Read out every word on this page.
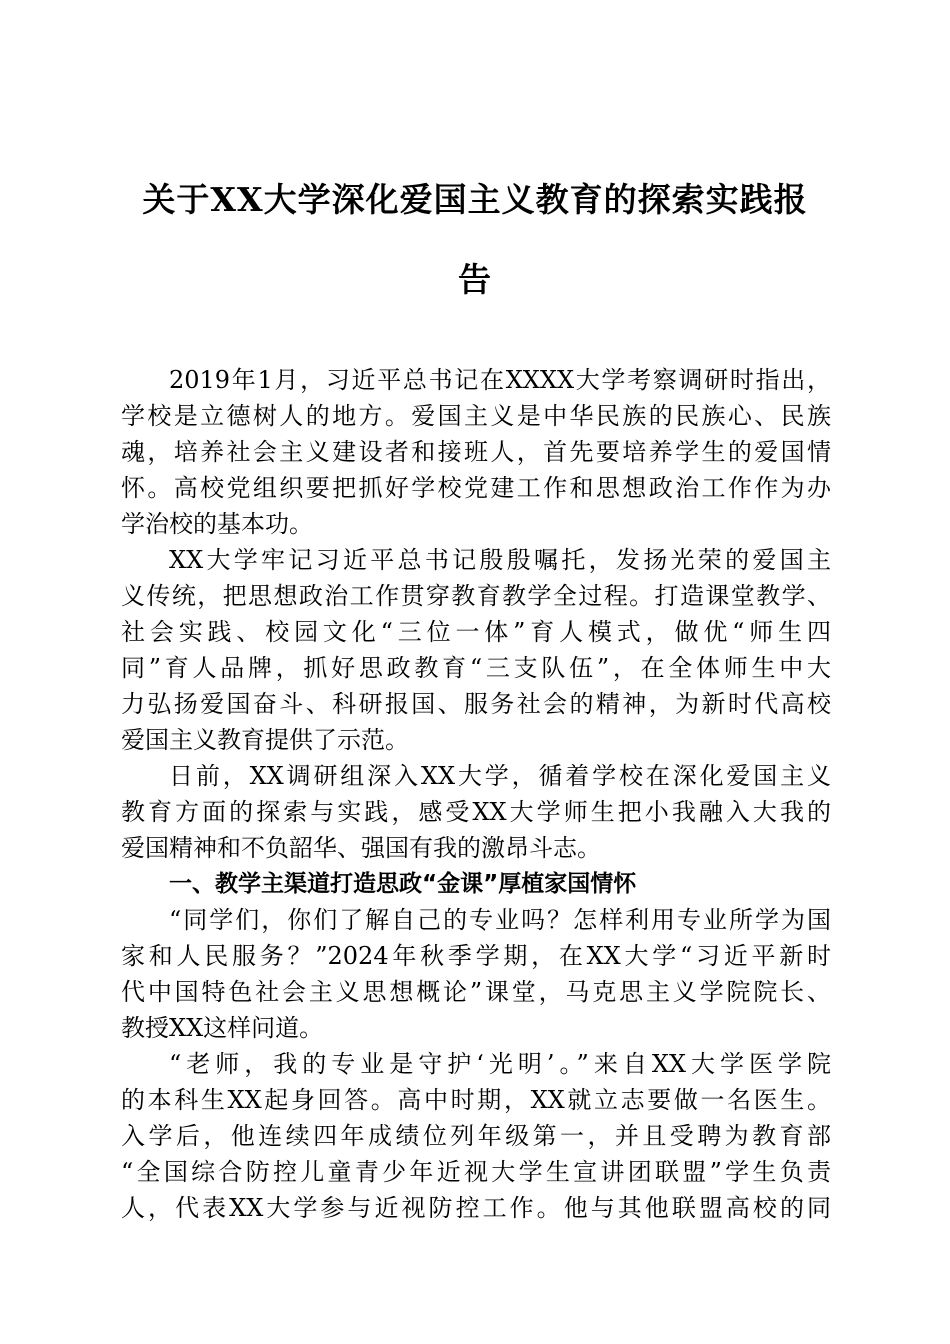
关于XX大学深化爱国主义教育的探索实践报
告

2019年1月，习近平总书记在XXXX大学考察调研时指出，
学校是立德树人的地方。爱国主义是中华民族的民族心、民族
魂，培养社会主义建设者和接班人，首先要培养学生的爱国情
怀。高校党组织要把抓好学校党建工作和思想政治工作作为办
学治校的基本功。

XX大学牢记习近平总书记殷殷嘱托，发扬光荣的爱国主
义传统，把思想政治工作贯穿教育教学全过程。打造课堂教学、
社会实践、校园文化“三位一体”育人模式，做优“师生四
同”育人品牌，抓好思政教育“三支队伍”，在全体师生中大
力弘扬爱国奋斗、科研报国、服务社会的精神，为新时代高校
爱国主义教育提供了示范。

日前，XX调研组深入XX大学，循着学校在深化爱国主义
教育方面的探索与实践，感受XX大学师生把小我融入大我的
爱国精神和不负韶华、强国有我的激昂斗志。

一、教学主渠道打造思政“金课”厚植家国情怀

“同学们，你们了解自己的专业吗？怎样利用专业所学为国
家和人民服务？”2024年秋季学期，在XX大学“习近平新时
代中国特色社会主义思想概论”课堂，马克思主义学院院长、
教授XX这样问道。

“老师，我的专业是守护‘光明’。”来自XX大学医学院
的本科生XX起身回答。高中时期，XX就立志要做一名医生。
入学后，他连续四年成绩位列年级第一，并且受聘为教育部
“全国综合防控儿童青少年近视大学生宣讲团联盟”学生负责
人，代表XX大学参与近视防控工作。他与其他联盟高校的同
